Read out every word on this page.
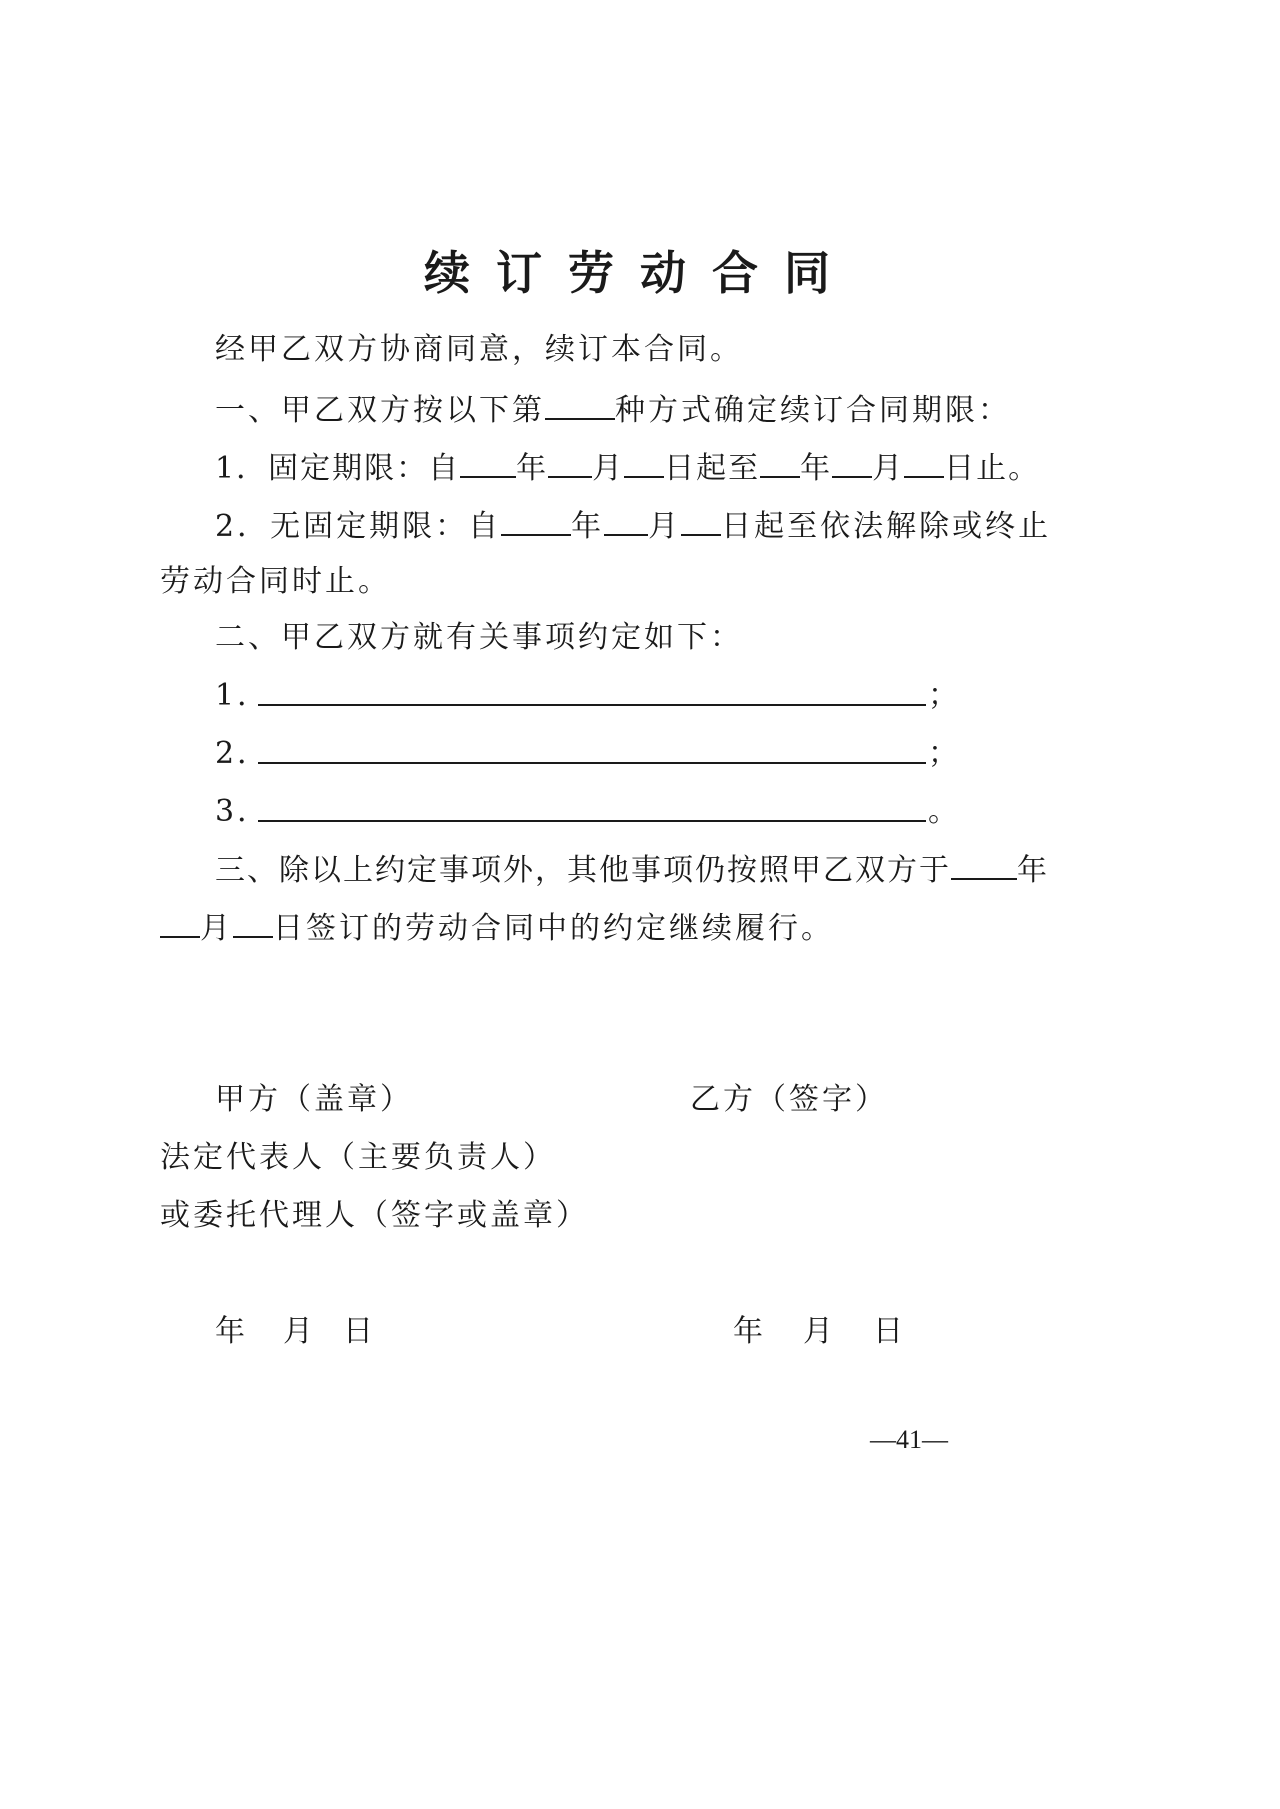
续订劳动合同
经甲乙双方协商同意，续订本合同。
一、甲乙双方按以下第 种方式确定续订合同期限：
1．固定期限：自 年 月 日起至 年 月 日止。
2．无固定期限：自 年 月 日起至依法解除或终止
劳动合同时止。
二、甲乙双方就有关事项约定如下：
1．	；
2．	；
3．	。
三、除以上约定事项外，其他事项仍按照甲乙双方于 年
月 日签订的劳动合同中的约定继续履行。
甲方（盖章）	乙方（签字）
法定代表人（主要负责人）
或委托代理人（签字或盖章）
年 月 日	年 月 日
—41—
